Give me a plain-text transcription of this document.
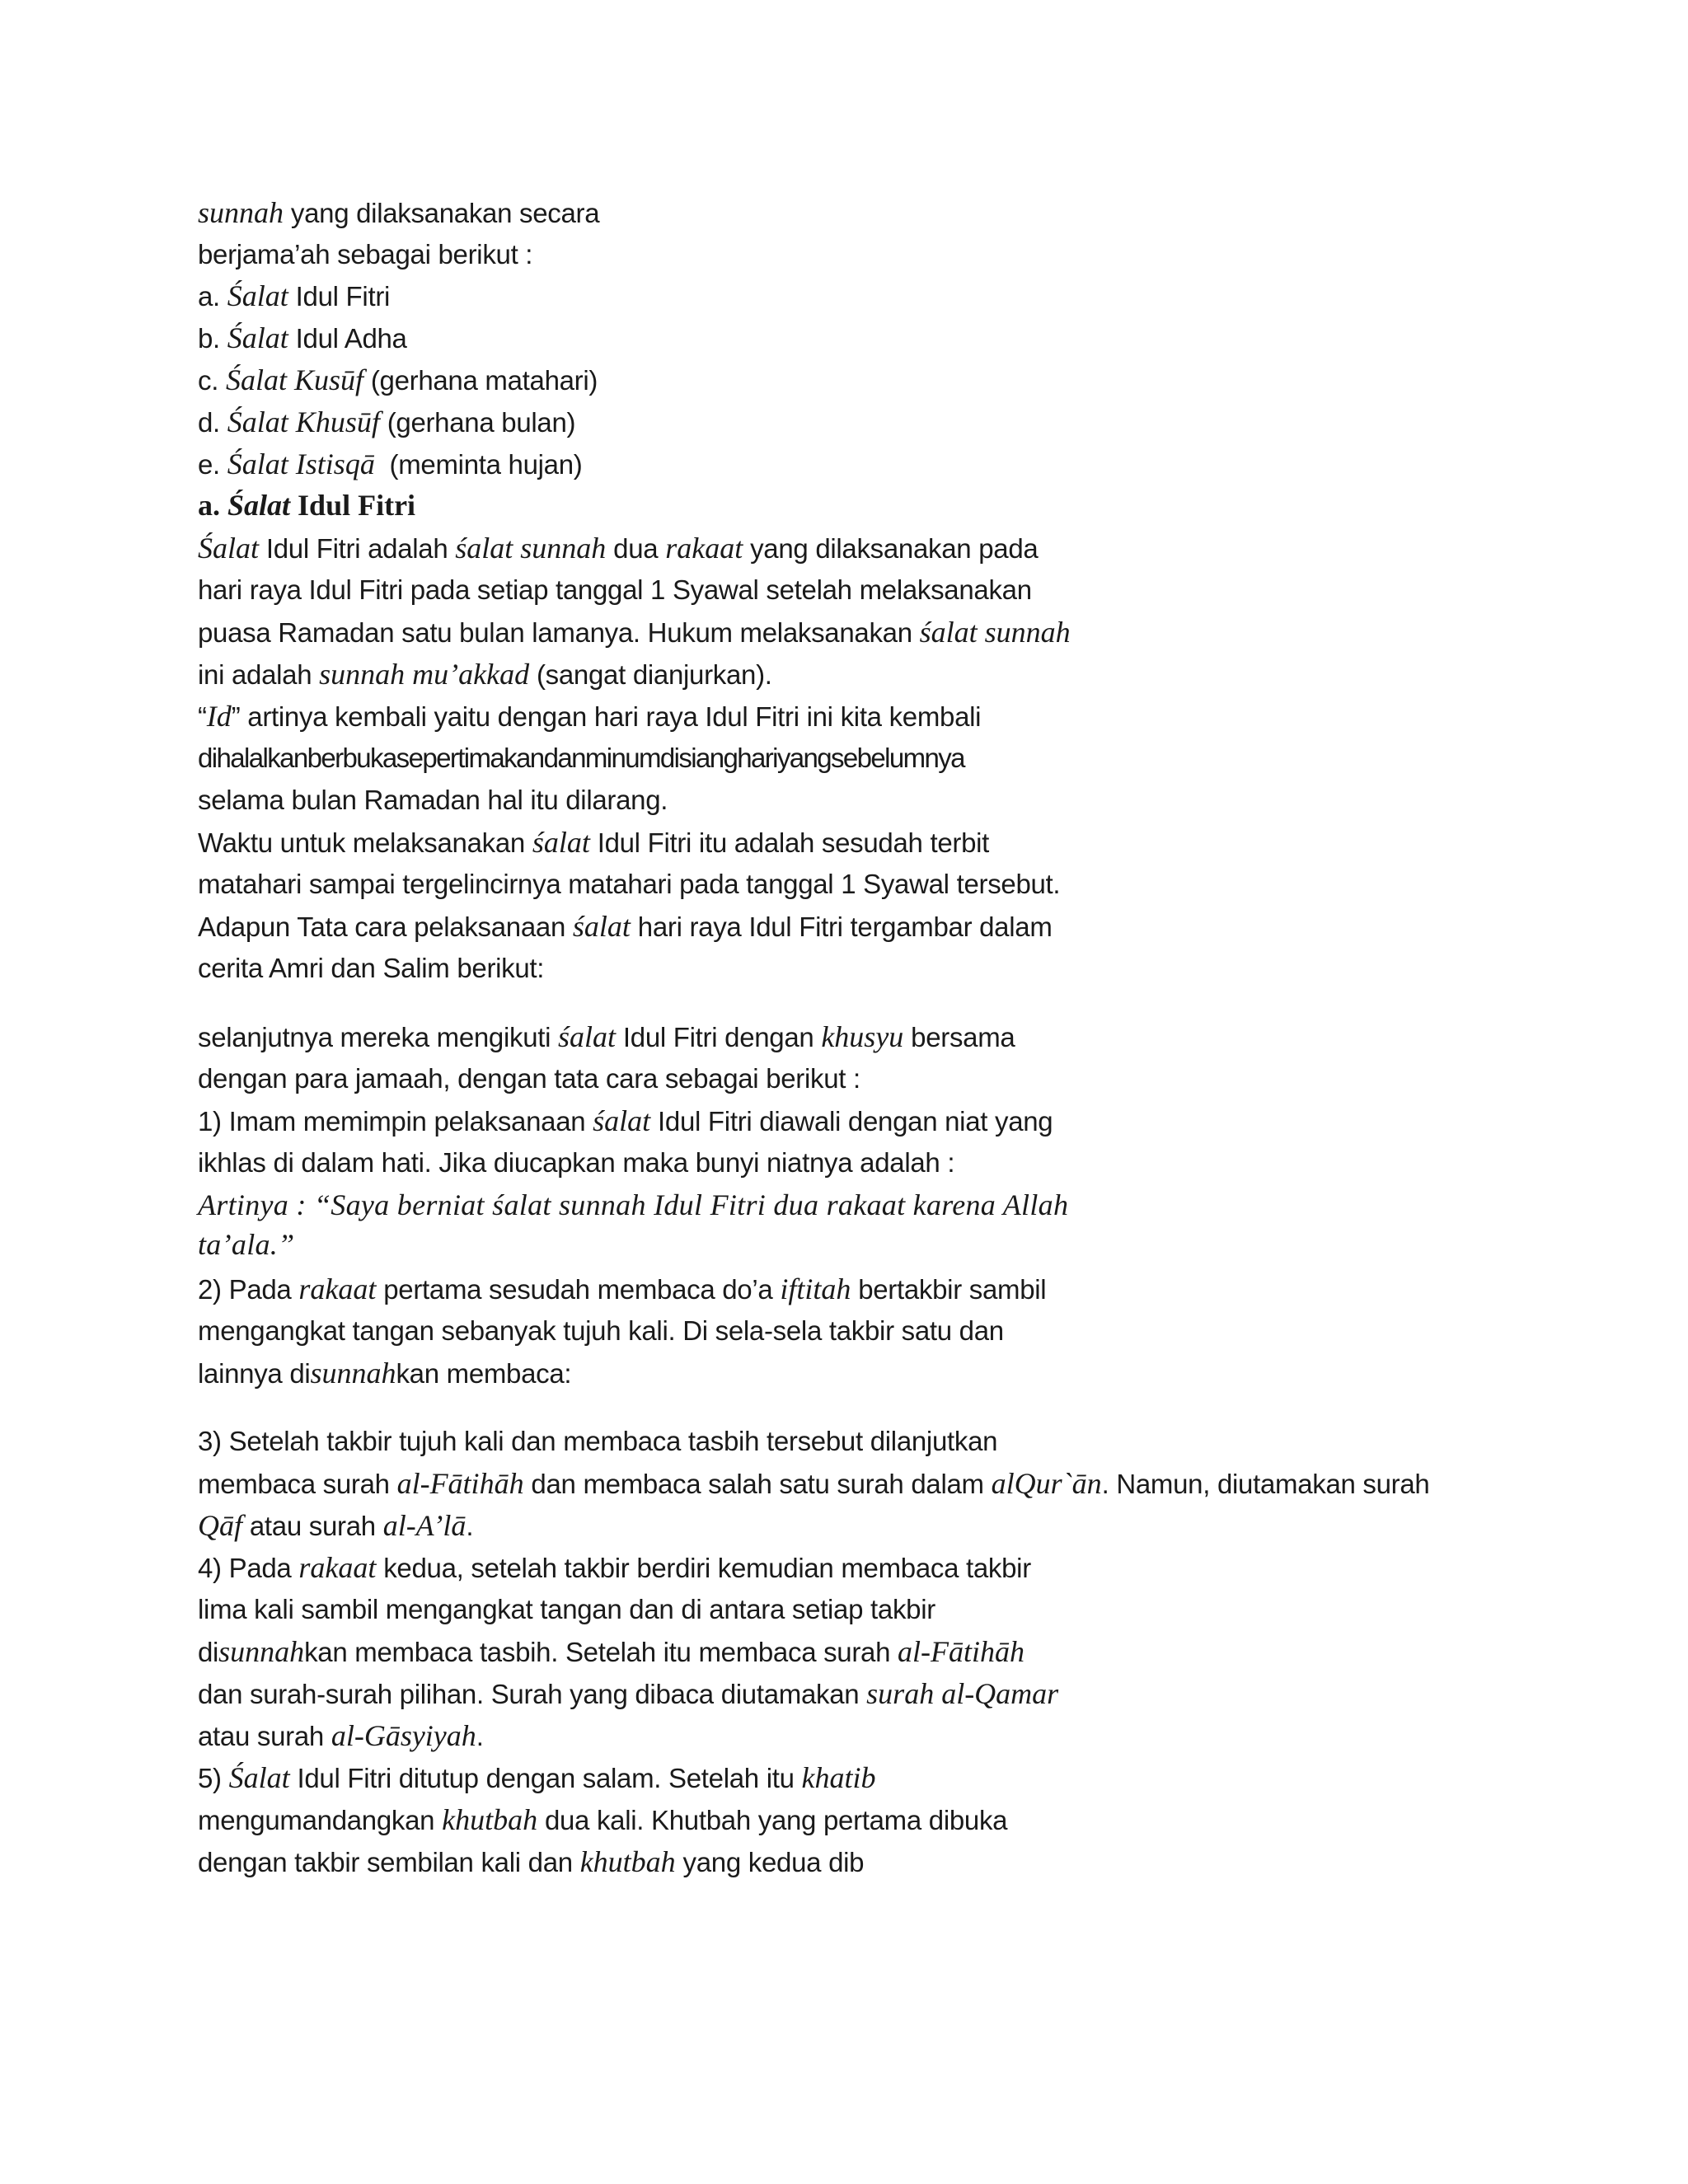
sunnah yang dilaksanakan secara
berjama’ah sebagai berikut :
a. Śalat Idul Fitri
b. Śalat Idul Adha
c. Śalat Kusūf (gerhana matahari)
d. Śalat Khusūf (gerhana bulan)
e. Śalat Istisqā  (meminta hujan)
a. Śalat Idul Fitri
Śalat Idul Fitri adalah śalat sunnah dua rakaat yang dilaksanakan pada
hari raya Idul Fitri pada setiap tanggal 1 Syawal setelah melaksanakan
puasa Ramadan satu bulan lamanya. Hukum melaksanakan śalat sunnah
ini adalah sunnah mu’akkad (sangat dianjurkan).
“Id” artinya kembali yaitu dengan hari raya Idul Fitri ini kita kembali
dihalalkanberbukasepertimakandanminumdisianghariyangsebelumnya
selama bulan Ramadan hal itu dilarang.
Waktu untuk melaksanakan śalat Idul Fitri itu adalah sesudah terbit
matahari sampai tergelincirnya matahari pada tanggal 1 Syawal tersebut.
Adapun Tata cara pelaksanaan śalat hari raya Idul Fitri tergambar dalam
cerita Amri dan Salim berikut:
selanjutnya mereka mengikuti śalat Idul Fitri dengan khusyu bersama
dengan para jamaah, dengan tata cara sebagai berikut :
1) Imam memimpin pelaksanaan śalat Idul Fitri diawali dengan niat yang
ikhlas di dalam hati. Jika diucapkan maka bunyi niatnya adalah :
Artinya : “Saya berniat śalat sunnah Idul Fitri dua rakaat karena Allah
ta’ala.”
2) Pada rakaat pertama sesudah membaca do’a iftitah bertakbir sambil
mengangkat tangan sebanyak tujuh kali. Di sela-sela takbir satu dan
lainnya disunnahkan membaca:
3) Setelah takbir tujuh kali dan membaca tasbih tersebut dilanjutkan
membaca surah al-Fātihāh dan membaca salah satu surah dalam alQur`ān. Namun, diutamakan surah
Qāf atau surah al-A’lā.
4) Pada rakaat kedua, setelah takbir berdiri kemudian membaca takbir
lima kali sambil mengangkat tangan dan di antara setiap takbir
disunnahkan membaca tasbih. Setelah itu membaca surah al-Fātihāh
dan surah-surah pilihan. Surah yang dibaca diutamakan surah al-Qamar
atau surah al-Gāsyiyah.
5) Śalat Idul Fitri ditutup dengan salam. Setelah itu khatib
mengumandangkan khutbah dua kali. Khutbah yang pertama dibuka
dengan takbir sembilan kali dan khutbah yang kedua dib
